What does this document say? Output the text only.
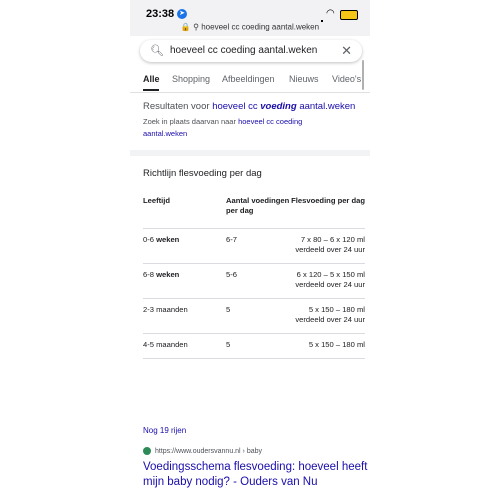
23:38 ➤	◠
🔒 ⚲ hoeveel cc coeding aantal.weken
🔍︎ hoeveel cc coeding aantal.weken ✕
Alle Shopping Afbeeldingen Nieuws Video's
Resultaten voor hoeveel cc voeding aantal.weken
Zoek in plaats daarvan naar hoeveel cc coeding
aantal.weken
Richtlijn flesvoeding per dag
Leeftijd	Aantal voedingen per dag	Flesvoeding per dag
0-6 weken	6-7	7 x 80 – 6 x 120 ml verdeeld over 24 uur
6-8 weken	5-6	6 x 120 – 5 x 150 ml verdeeld over 24 uur
2-3 maanden	5	5 x 150 – 180 ml verdeeld over 24 uur
4-5 maanden	5	5 x 150 – 180 ml
Nog 19 rijen
https://www.oudersvannu.nl › baby
Voedingsschema flesvoeding: hoeveel heeft mijn baby nodig? - Ouders van Nu
